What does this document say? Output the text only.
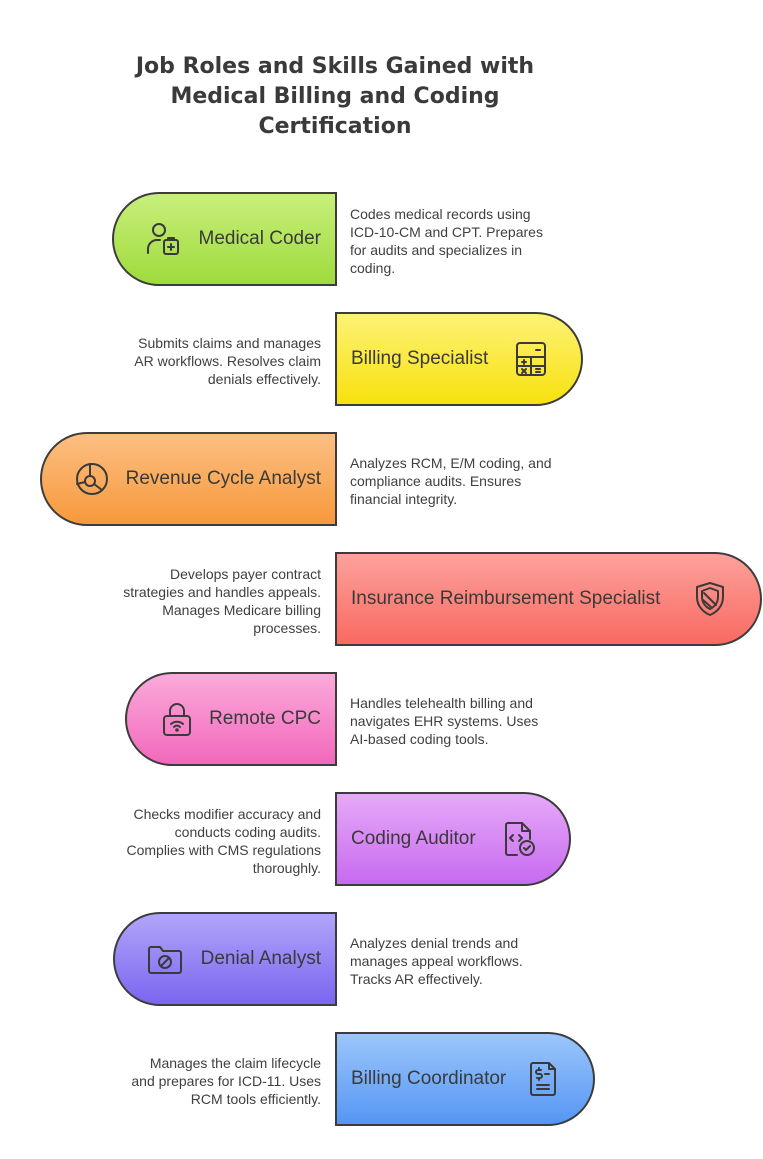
Job Roles and Skills Gained with
Medical Billing and Coding
Certification
Medical Coder
Codes medical records using
ICD-10-CM and CPT. Prepares
for audits and specializes in
coding.
Billing Specialist
Submits claims and manages
AR workflows. Resolves claim
denials effectively.
Revenue Cycle Analyst
Analyzes RCM, E/M coding, and
compliance audits. Ensures
financial integrity.
Insurance Reimbursement Specialist
Develops payer contract
strategies and handles appeals.
Manages Medicare billing
processes.
Remote CPC
Handles telehealth billing and
navigates EHR systems. Uses
AI-based coding tools.
Coding Auditor
Checks modifier accuracy and
conducts coding audits.
Complies with CMS regulations
thoroughly.
Denial Analyst
Analyzes denial trends and
manages appeal workflows.
Tracks AR effectively.
Billing Coordinator
Manages the claim lifecycle
and prepares for ICD-11. Uses
RCM tools efficiently.
